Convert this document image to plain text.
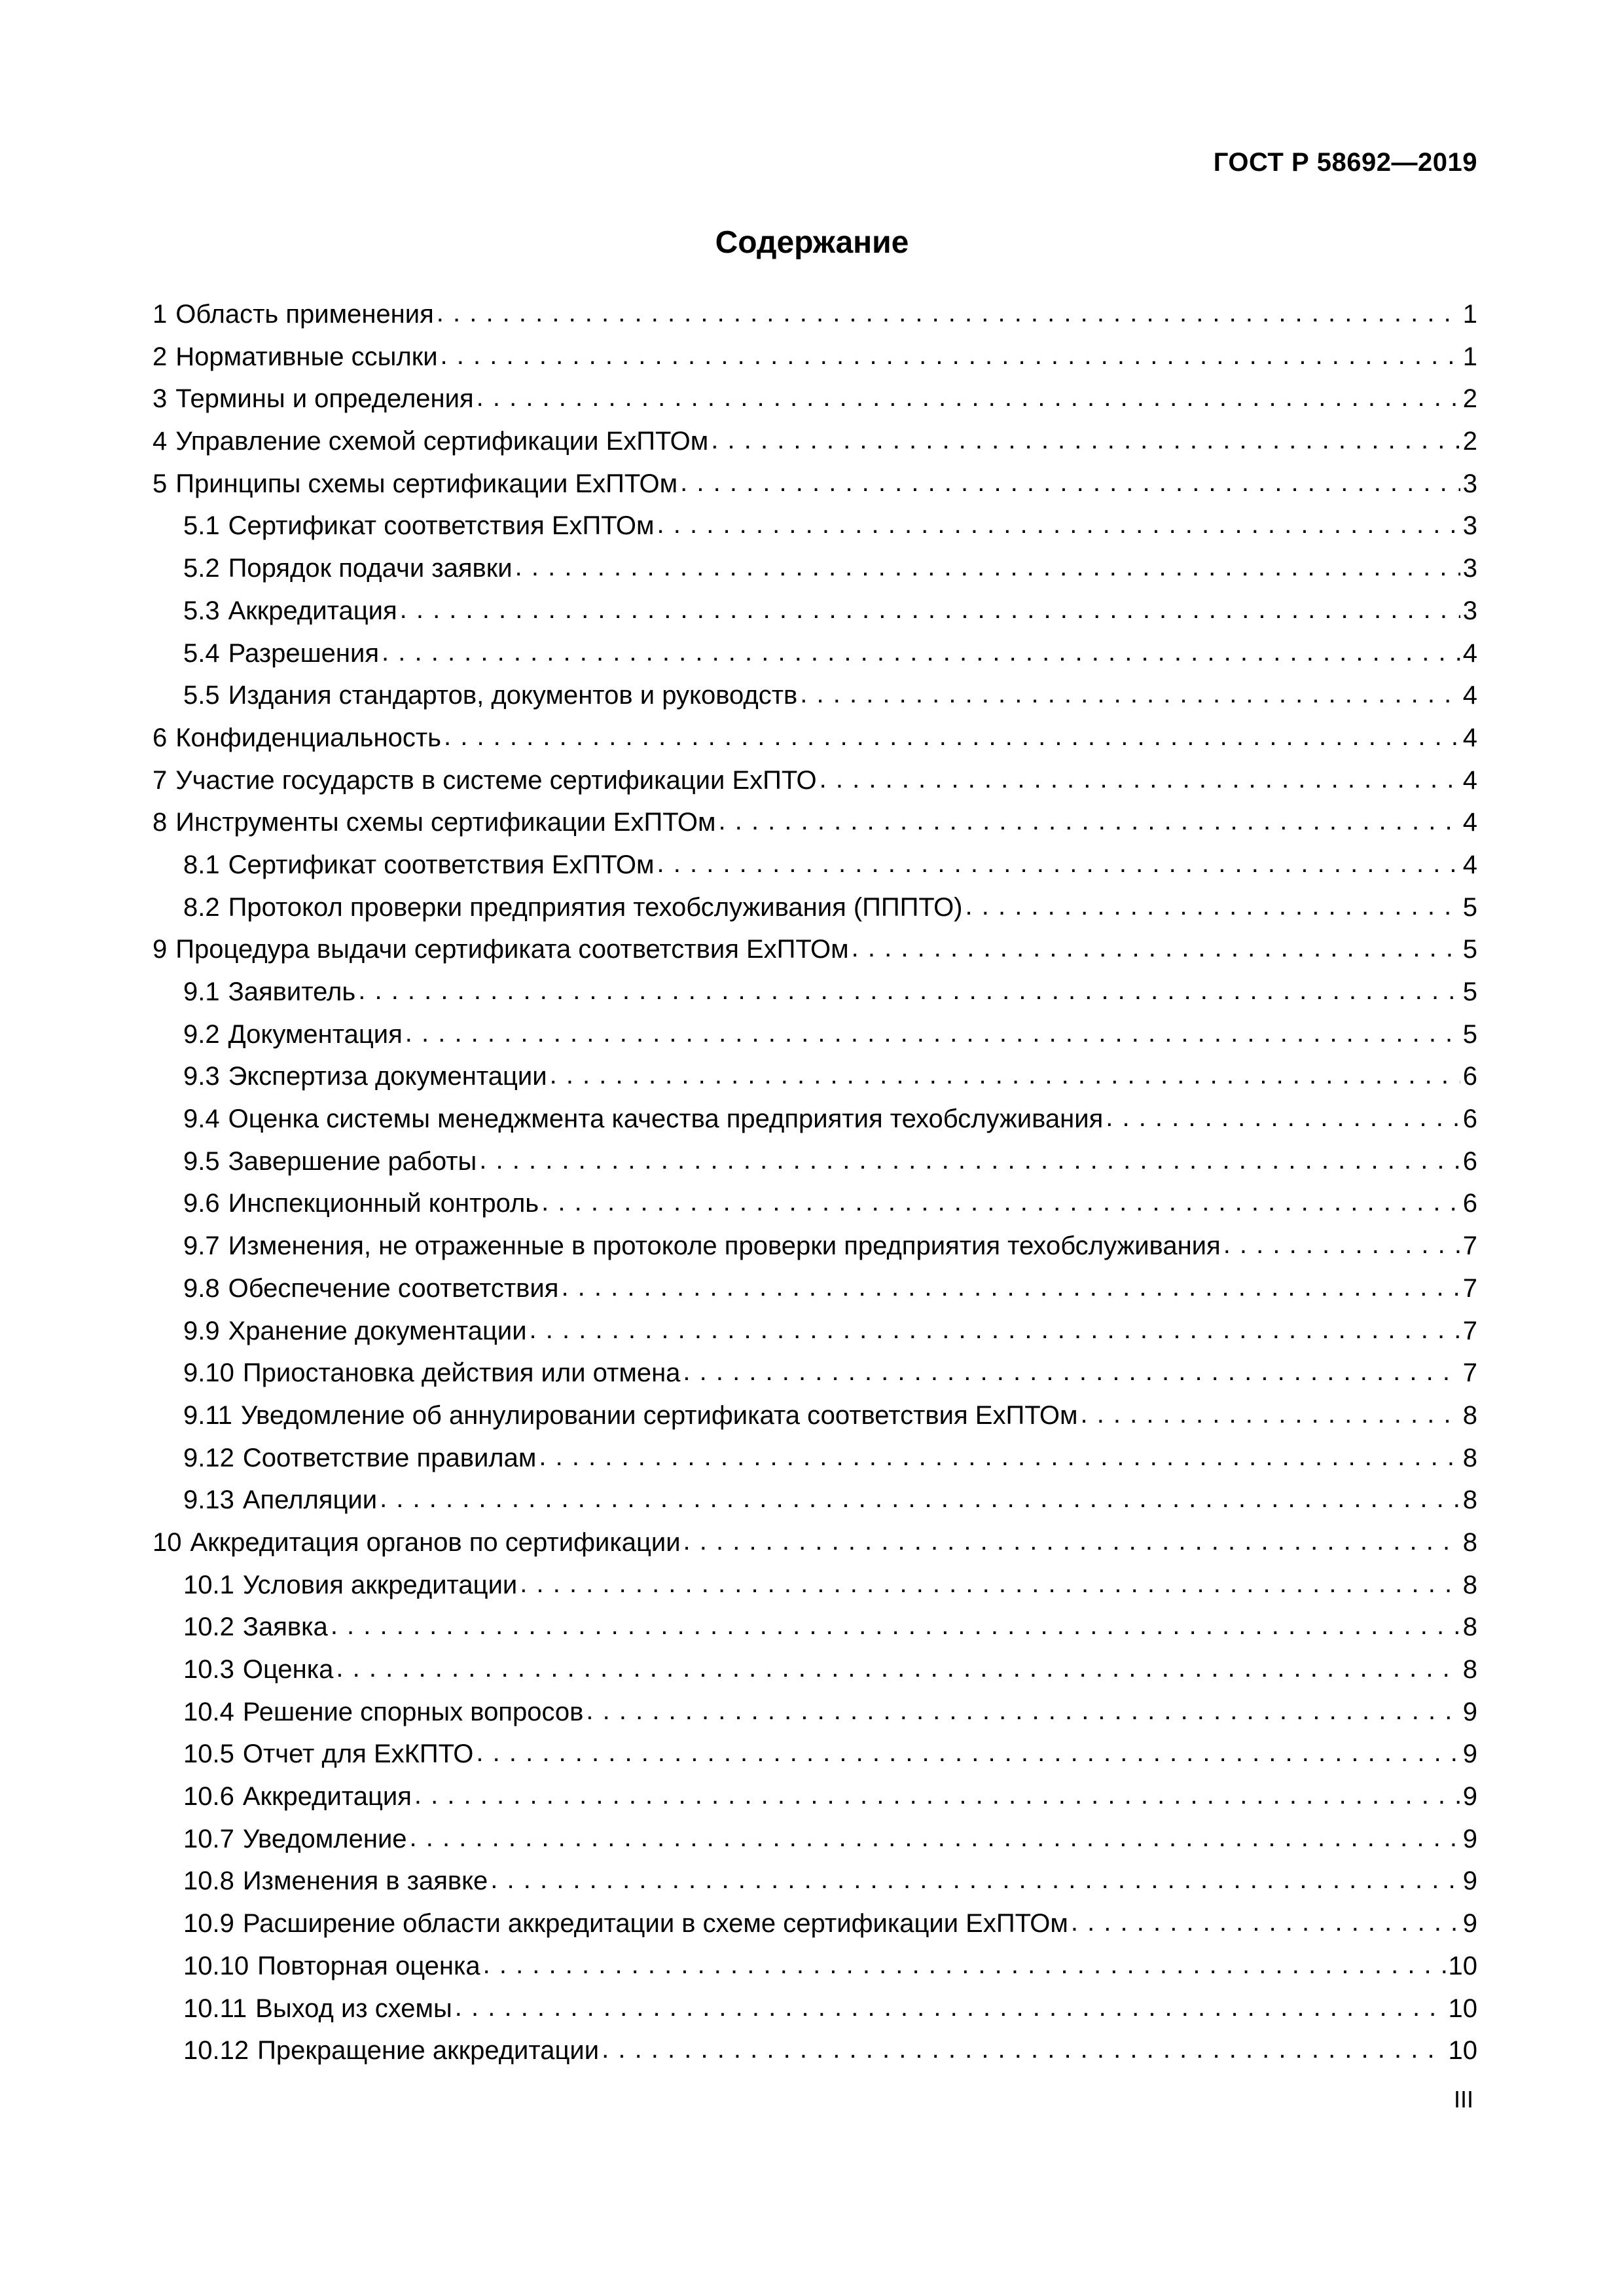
ГОСТ Р 58692—2019
Содержание
1 Область применения . . .	1
2 Нормативные ссылки . . .	1
3 Термины и определения . . .	2
4 Управление схемой сертификации ExПТОм . . .	2
5 Принципы схемы сертификации ExПТОм . . .	3
5.1 Сертификат соответствия ExПТОм . . .	3
5.2 Порядок подачи заявки . . .	3
5.3 Аккредитация . . .	3
5.4 Разрешения . . .	4
5.5 Издания стандартов, документов и руководств . . .	4
6 Конфиденциальность . . .	4
7 Участие государств в системе сертификации ExПТО . . .	4
8 Инструменты схемы сертификации ExПТОм . . .	4
8.1 Сертификат соответствия ExПТОм . . .	4
8.2 Протокол проверки предприятия техобслуживания (ПППТО) . . .	5
9 Процедура выдачи сертификата соответствия ExПТОм . . .	5
9.1 Заявитель . . .	5
9.2 Документация . . .	5
9.3 Экспертиза документации . . .	6
9.4 Оценка системы менеджмента качества предприятия техобслуживания . . .	6
9.5 Завершение работы . . .	6
9.6 Инспекционный контроль . . .	6
9.7 Изменения, не отраженные в протоколе проверки предприятия техобслуживания . . .	7
9.8 Обеспечение соответствия . . .	7
9.9 Хранение документации . . .	7
9.10 Приостановка действия или отмена . . .	7
9.11 Уведомление об аннулировании сертификата соответствия ExПТОм . . .	8
9.12 Соответствие правилам . . .	8
9.13 Апелляции . . .	8
10 Аккредитация органов по сертификации . . .	8
10.1 Условия аккредитации . . .	8
10.2 Заявка . . .	8
10.3 Оценка . . .	8
10.4 Решение спорных вопросов . . .	9
10.5 Отчет для ExКПТО . . .	9
10.6 Аккредитация . . .	9
10.7 Уведомление . . .	9
10.8 Изменения в заявке . . .	9
10.9 Расширение области аккредитации в схеме сертификации ExПТОм . . .	9
10.10 Повторная оценка . . .	10
10.11 Выход из схемы . . .	10
10.12 Прекращение аккредитации . . .	10
III
